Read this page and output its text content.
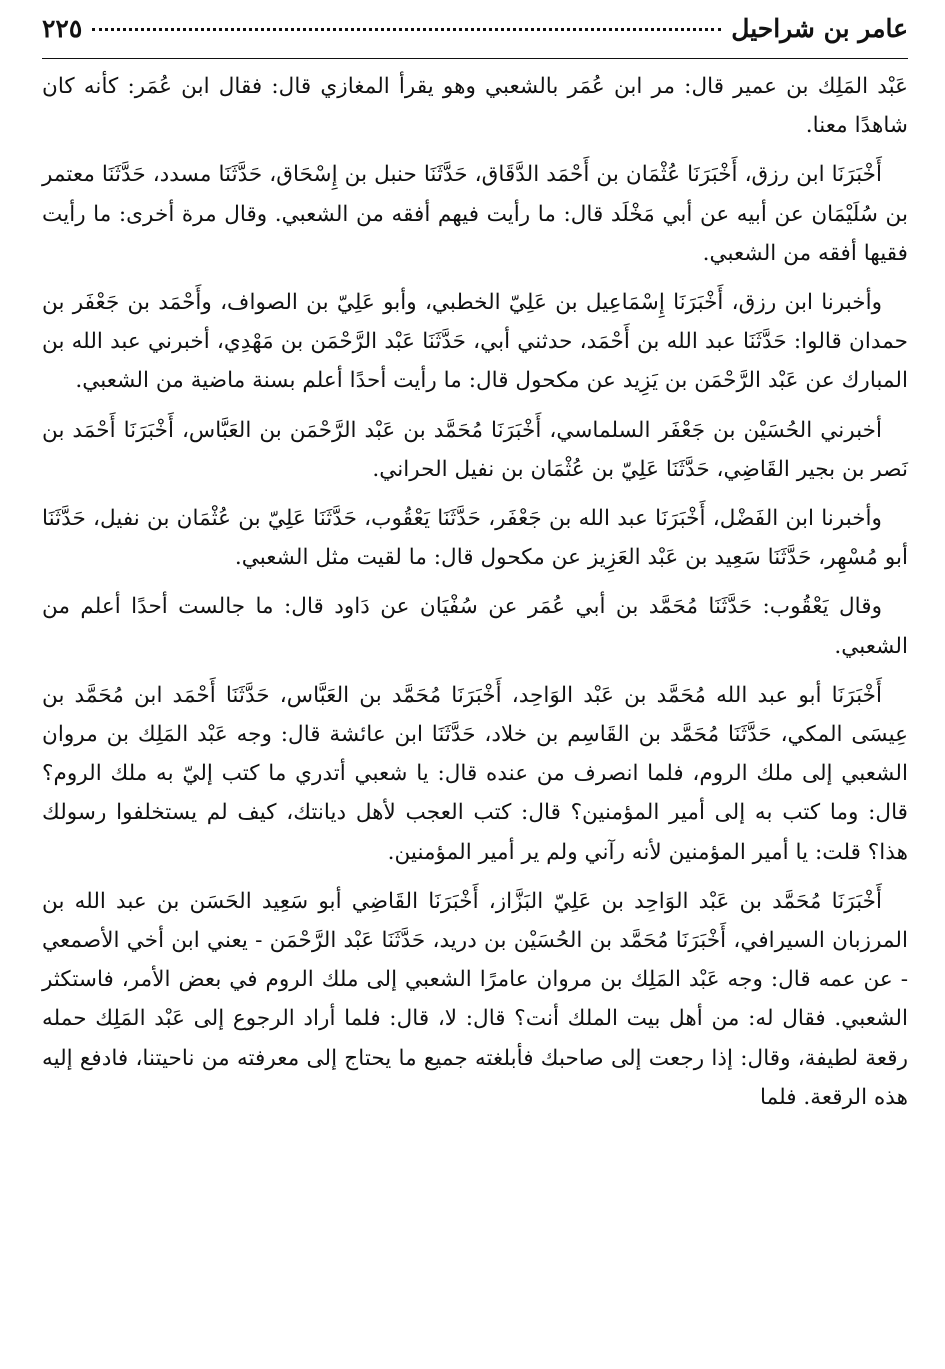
عامر بن شراحيل
٢٢٥

عَبْد المَلِك بن عمير قال: مر ابن عُمَر بالشعبي وهو يقرأ المغازي قال: فقال ابن عُمَر: كأنه كان شاهدًا معنا.

أَخْبَرَنَا ابن رزق، أَخْبَرَنَا عُثْمَان بن أَحْمَد الدَّقَاق، حَدَّثَنَا حنبل بن إِسْحَاق، حَدَّثَنَا مسدد، حَدَّثَنَا معتمر بن سُلَيْمَان عن أبيه عن أبي مَخْلَد قال: ما رأيت فيهم أفقه من الشعبي. وقال مرة أخرى: ما رأيت فقيها أفقه من الشعبي.

وأخبرنا ابن رزق، أَخْبَرَنَا إِسْمَاعِيل بن عَلِيّ الخطبي، وأبو عَلِيّ بن الصواف، وأَحْمَد بن جَعْفَر بن حمدان قالوا: حَدَّثَنَا عبد الله بن أَحْمَد، حدثني أبي، حَدَّثَنَا عَبْد الرَّحْمَن بن مَهْدِي، أخبرني عبد الله بن المبارك عن عَبْد الرَّحْمَن بن يَزِيد عن مكحول قال: ما رأيت أحدًا أعلم بسنة ماضية من الشعبي.

أخبرني الحُسَيْن بن جَعْفَر السلماسي، أَخْبَرَنَا مُحَمَّد بن عَبْد الرَّحْمَن بن العَبَّاس، أَخْبَرَنَا أَحْمَد بن نَصر بن بجير القَاضِي، حَدَّثَنَا عَلِيّ بن عُثْمَان بن نفيل الحراني.

وأخبرنا ابن الفَضْل، أَخْبَرَنَا عبد الله بن جَعْفَر، حَدَّثَنَا يَعْقُوب، حَدَّثَنَا عَلِيّ بن عُثْمَان بن نفيل، حَدَّثَنَا أبو مُسْهِر، حَدَّثَنَا سَعِيد بن عَبْد العَزِيز عن مكحول قال: ما لقيت مثل الشعبي.

وقال يَعْقُوب: حَدَّثَنَا مُحَمَّد بن أبي عُمَر عن سُفْيَان عن دَاود قال: ما جالست أحدًا أعلم من الشعبي.

أَخْبَرَنَا أبو عبد الله مُحَمَّد بن عَبْد الوَاحِد، أَخْبَرَنَا مُحَمَّد بن العَبَّاس، حَدَّثَنَا أَحْمَد ابن مُحَمَّد بن عِيسَى المكي، حَدَّثَنَا مُحَمَّد بن القَاسِم بن خلاد، حَدَّثَنَا ابن عائشة قال: وجه عَبْد المَلِك بن مروان الشعبي إلى ملك الروم، فلما انصرف من عنده قال: يا شعبي أتدري ما كتب إليّ به ملك الروم؟ قال: وما كتب به إلى أمير المؤمنين؟ قال: كتب العجب لأهل ديانتك، كيف لم يستخلفوا رسولك هذا؟ قلت: يا أمير المؤمنين لأنه رآني ولم ير أمير المؤمنين.

أَخْبَرَنَا مُحَمَّد بن عَبْد الوَاحِد بن عَلِيّ البَزَّاز، أَخْبَرَنَا القَاضِي أبو سَعِيد الحَسَن بن عبد الله بن المرزبان السيرافي، أَخْبَرَنَا مُحَمَّد بن الحُسَيْن بن دريد، حَدَّثَنَا عَبْد الرَّحْمَن - يعني ابن أخي الأصمعي - عن عمه قال: وجه عَبْد المَلِك بن مروان عامرًا الشعبي إلى ملك الروم في بعض الأمر، فاستكثر الشعبي. فقال له: من أهل بيت الملك أنت؟ قال: لا، قال: فلما أراد الرجوع إلى عَبْد المَلِك حمله رقعة لطيفة، وقال: إذا رجعت إلى صاحبك فأبلغته جميع ما يحتاج إلى معرفته من ناحيتنا، فادفع إليه هذه الرقعة. فلما
